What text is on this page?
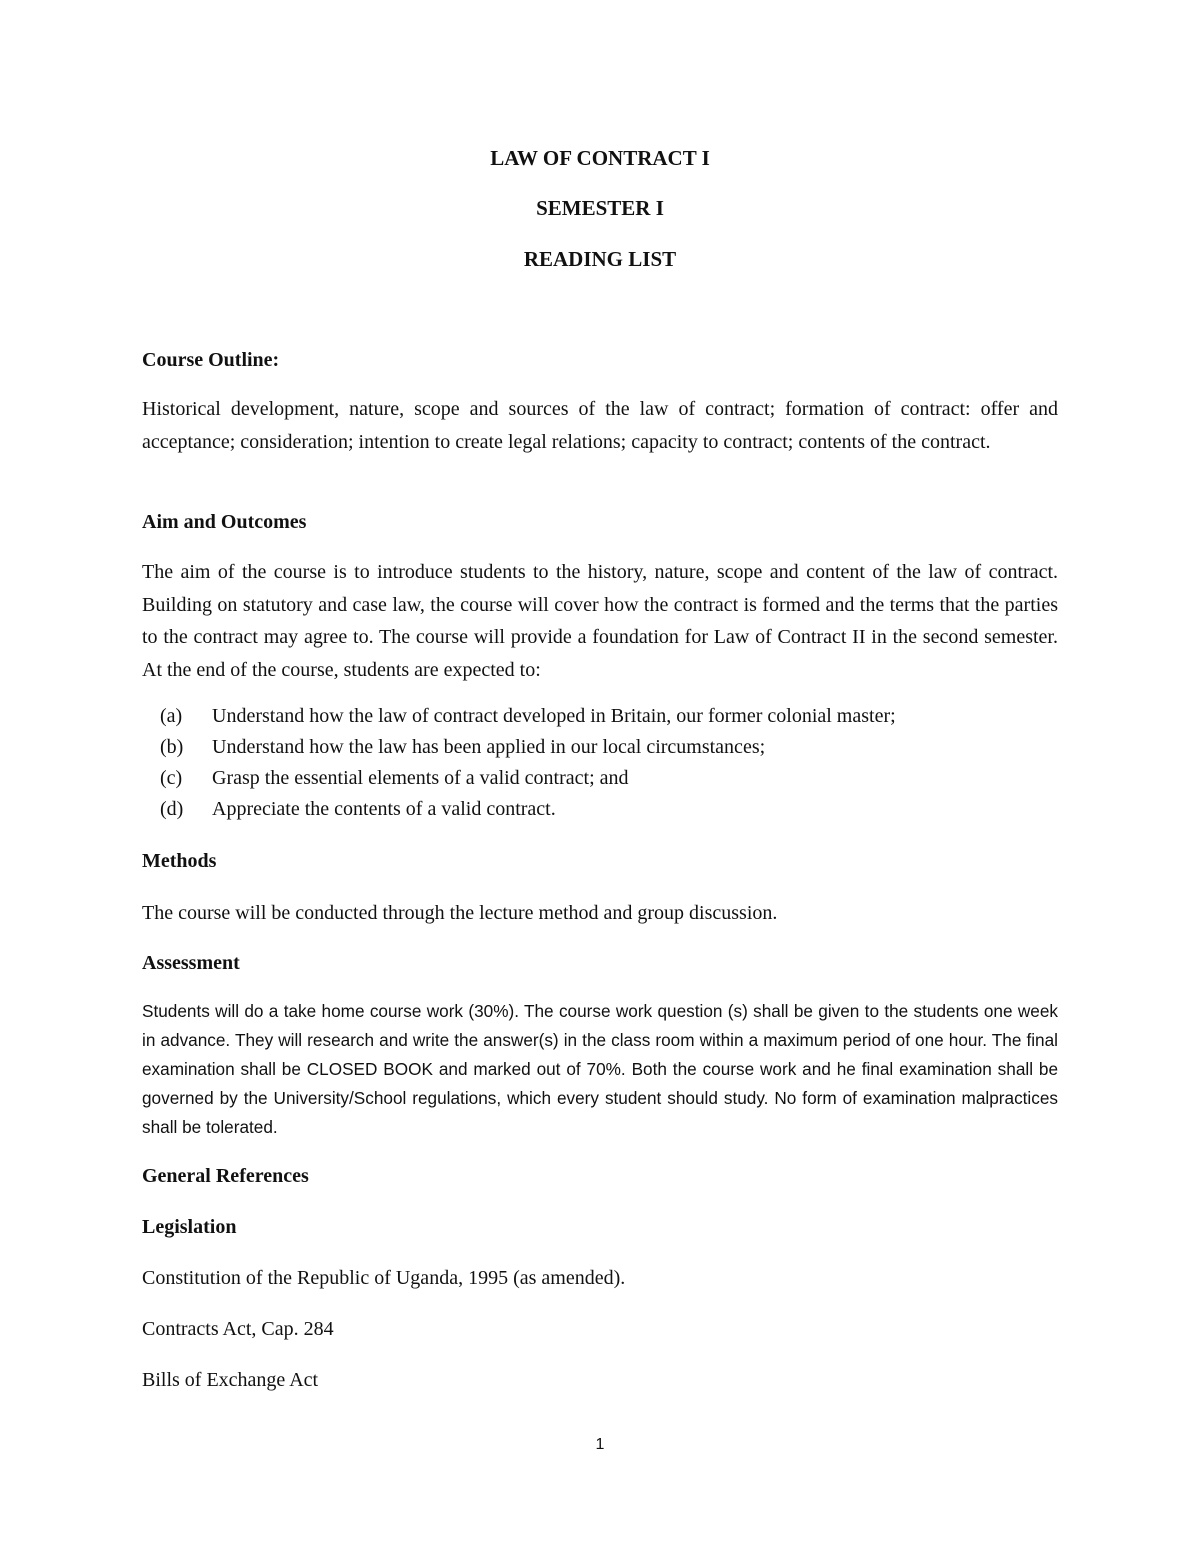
LAW OF CONTRACT I
SEMESTER I
READING LIST
Course Outline:

Historical development, nature, scope and sources of the law of contract; formation of contract: offer and acceptance; consideration; intention to create legal relations; capacity to contract; contents of the contract.

Aim and Outcomes

The aim of the course is to introduce students to the history, nature, scope and content of the law of contract. Building on statutory and case law, the course will cover how the contract is formed and the terms that the parties to the contract may agree to. The course will provide a foundation for Law of Contract II in the second semester. At the end of the course, students are expected to:

(a)	Understand how the law of contract developed in Britain, our former colonial master;
(b)	Understand how the law has been applied in our local circumstances;
(c)	Grasp the essential elements of a valid contract; and
(d)	Appreciate the contents of a valid contract.
Methods

The course will be conducted through the lecture method and group discussion.

Assessment

Students will do a take home course work (30%). The course work question (s) shall be given to the students one week in advance. They will research and write the answer(s) in the class room within a maximum period of one hour. The final examination shall be CLOSED BOOK and marked out of 70%. Both the course work and he final examination shall be governed by the University/School regulations, which every student should study. No form of examination malpractices shall be tolerated.

General References
Legislation

Constitution of the Republic of Uganda, 1995 (as amended).

Contracts Act, Cap. 284

Bills of Exchange Act

1
